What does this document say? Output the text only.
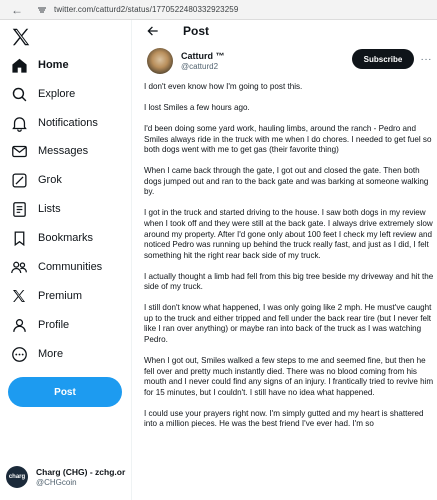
←	twitter.com/catturd2/status/1770522480332923259
Home
Explore
Notifications
Messages
Grok
Lists
Bookmarks
Communities
Premium
Profile
More
Post
charg	Charg (CHG) - zchg.or
@CHGcoin
Post
Catturd ™
@catturd2
Subscribe	···

I don't even know how I'm going to post this.

I lost Smiles a few hours ago.

I'd been doing some yard work, hauling limbs, around the ranch - Pedro and Smiles always ride in the truck with me when I do chores. I needed to get fuel so both dogs went with me to get gas (their favorite thing)

When I came back through the gate, I got out and closed the gate. Then both dogs jumped out and ran to the back gate and was barking at someone walking by.

I got in the truck and started driving to the house. I saw both dogs in my review when I took off and they were still at the back gate. I always drive extremely slow around my property. After I'd gone only about 100 feet I check my left review and noticed Pedro was running up behind the truck really fast, and just as I did, I felt something hit the right rear back side of my truck.

I actually thought a limb had fell from this big tree beside my driveway and hit the side of my truck.

I still don't know what happened, I was only going like 2 mph. He must've caught up to the truck and either tripped and fell under the back rear tire (but I never felt like I ran over anything) or maybe ran into back of the truck as I was watching Pedro.

When I got out, Smiles walked a few steps to me and seemed fine, but then he fell over and pretty much instantly died. There was no blood coming from his mouth and I never could find any signs of an injury. I frantically tried to revive him for 15 minutes, but I couldn't. I still have no idea what happened.

I could use your prayers right now. I'm simply gutted and my heart is shattered into a million pieces. He was the best friend I've ever had. I'm so
